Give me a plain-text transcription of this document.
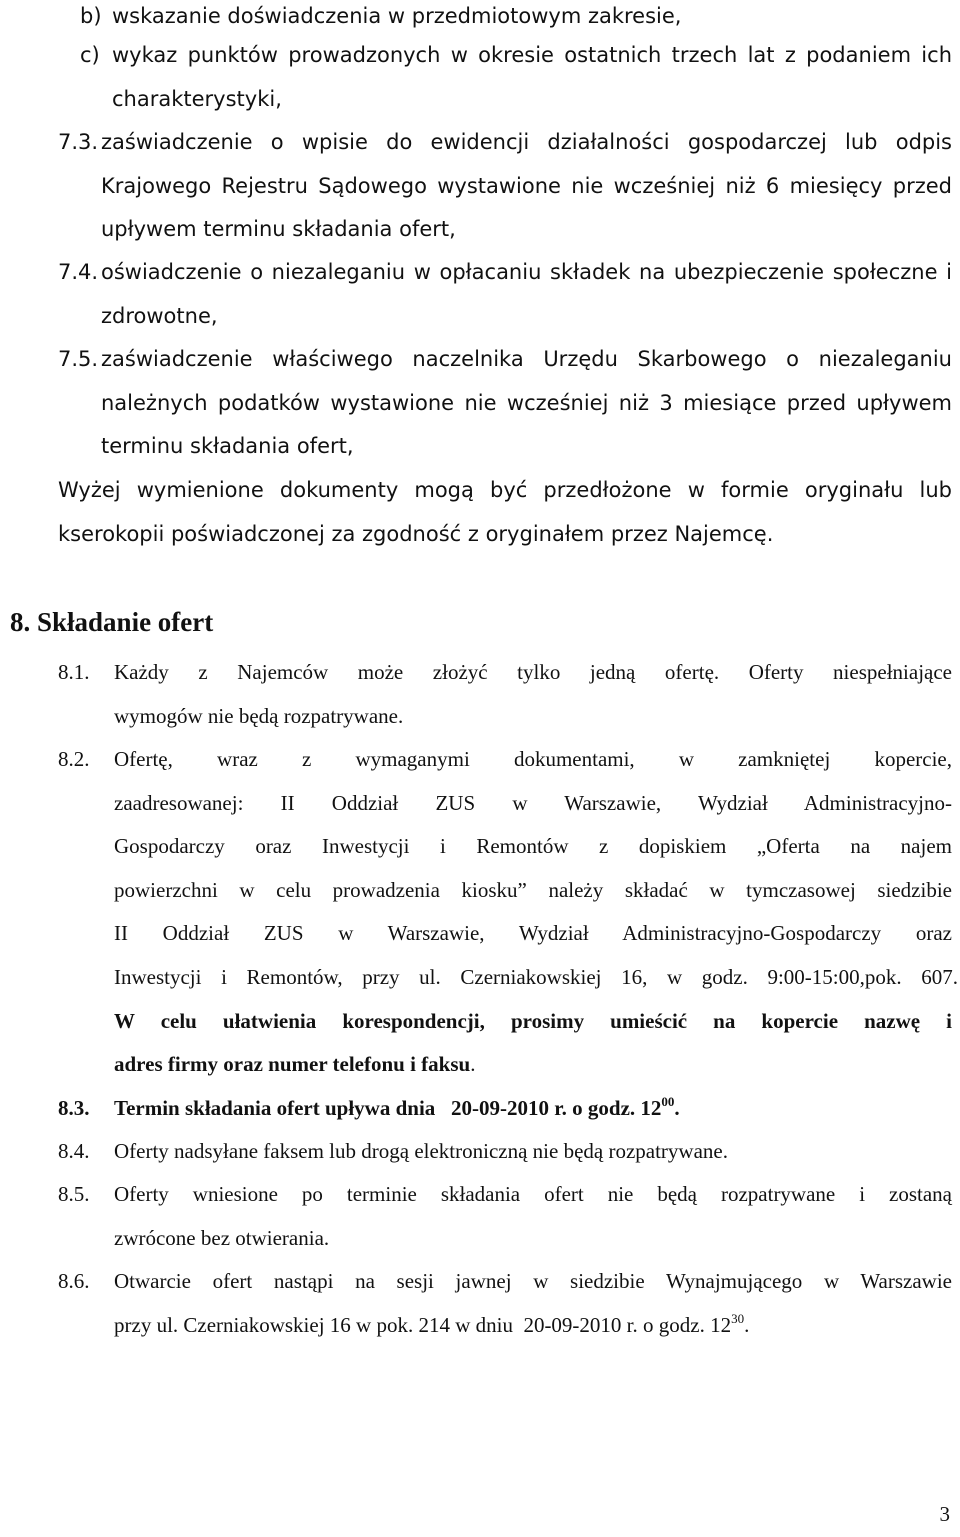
b) wskazanie doświadczenia w przedmiotowym zakresie,
c) wykaz punktów prowadzonych w okresie ostatnich trzech lat z podaniem ich
charakterystyki,
7.3. zaświadczenie o wpisie do ewidencji działalności gospodarczej lub odpis
Krajowego Rejestru Sądowego wystawione nie wcześniej niż 6 miesięcy przed
upływem terminu składania ofert,
7.4. oświadczenie o niezaleganiu w opłacaniu składek na ubezpieczenie społeczne i
zdrowotne,
7.5. zaświadczenie właściwego naczelnika Urzędu Skarbowego o niezaleganiu
należnych podatków wystawione nie wcześniej niż 3 miesiące przed upływem
terminu składania ofert,
Wyżej wymienione dokumenty mogą być przedłożone w formie oryginału lub
kserokopii poświadczonej za zgodność z oryginałem przez Najemcę.
8. Składanie ofert
8.1. Każdy z Najemców może złożyć tylko jedną ofertę. Oferty niespełniające
wymogów nie będą rozpatrywane.
8.2. Ofertę, wraz z wymaganymi dokumentami, w zamkniętej kopercie,
zaadresowanej: II Oddział ZUS w Warszawie, Wydział Administracyjno-
Gospodarczy oraz Inwestycji i Remontów z dopiskiem „Oferta na najem
powierzchni w celu prowadzenia kiosku” należy składać w tymczasowej siedzibie
II Oddział ZUS w Warszawie, Wydział Administracyjno-Gospodarczy oraz
Inwestycji i Remontów, przy ul. Czerniakowskiej 16, w godz. 9:00-15:00,pok. 607.
W celu ułatwienia korespondencji, prosimy umieścić na kopercie nazwę i
adres firmy oraz numer telefonu i faksu.
8.3. Termin składania ofert upływa dnia   20-09-2010 r. o godz. $12^{00}$.
8.4. Oferty nadsyłane faksem lub drogą elektroniczną nie będą rozpatrywane.
8.5. Oferty wniesione po terminie składania ofert nie będą rozpatrywane i zostaną
zwrócone bez otwierania.
8.6. Otwarcie ofert nastąpi na sesji jawnej w siedzibie Wynajmującego w Warszawie
przy ul. Czerniakowskiej 16 w pok. 214 w dniu  20-09-2010 r. o godz. $12^{30}$.
3
